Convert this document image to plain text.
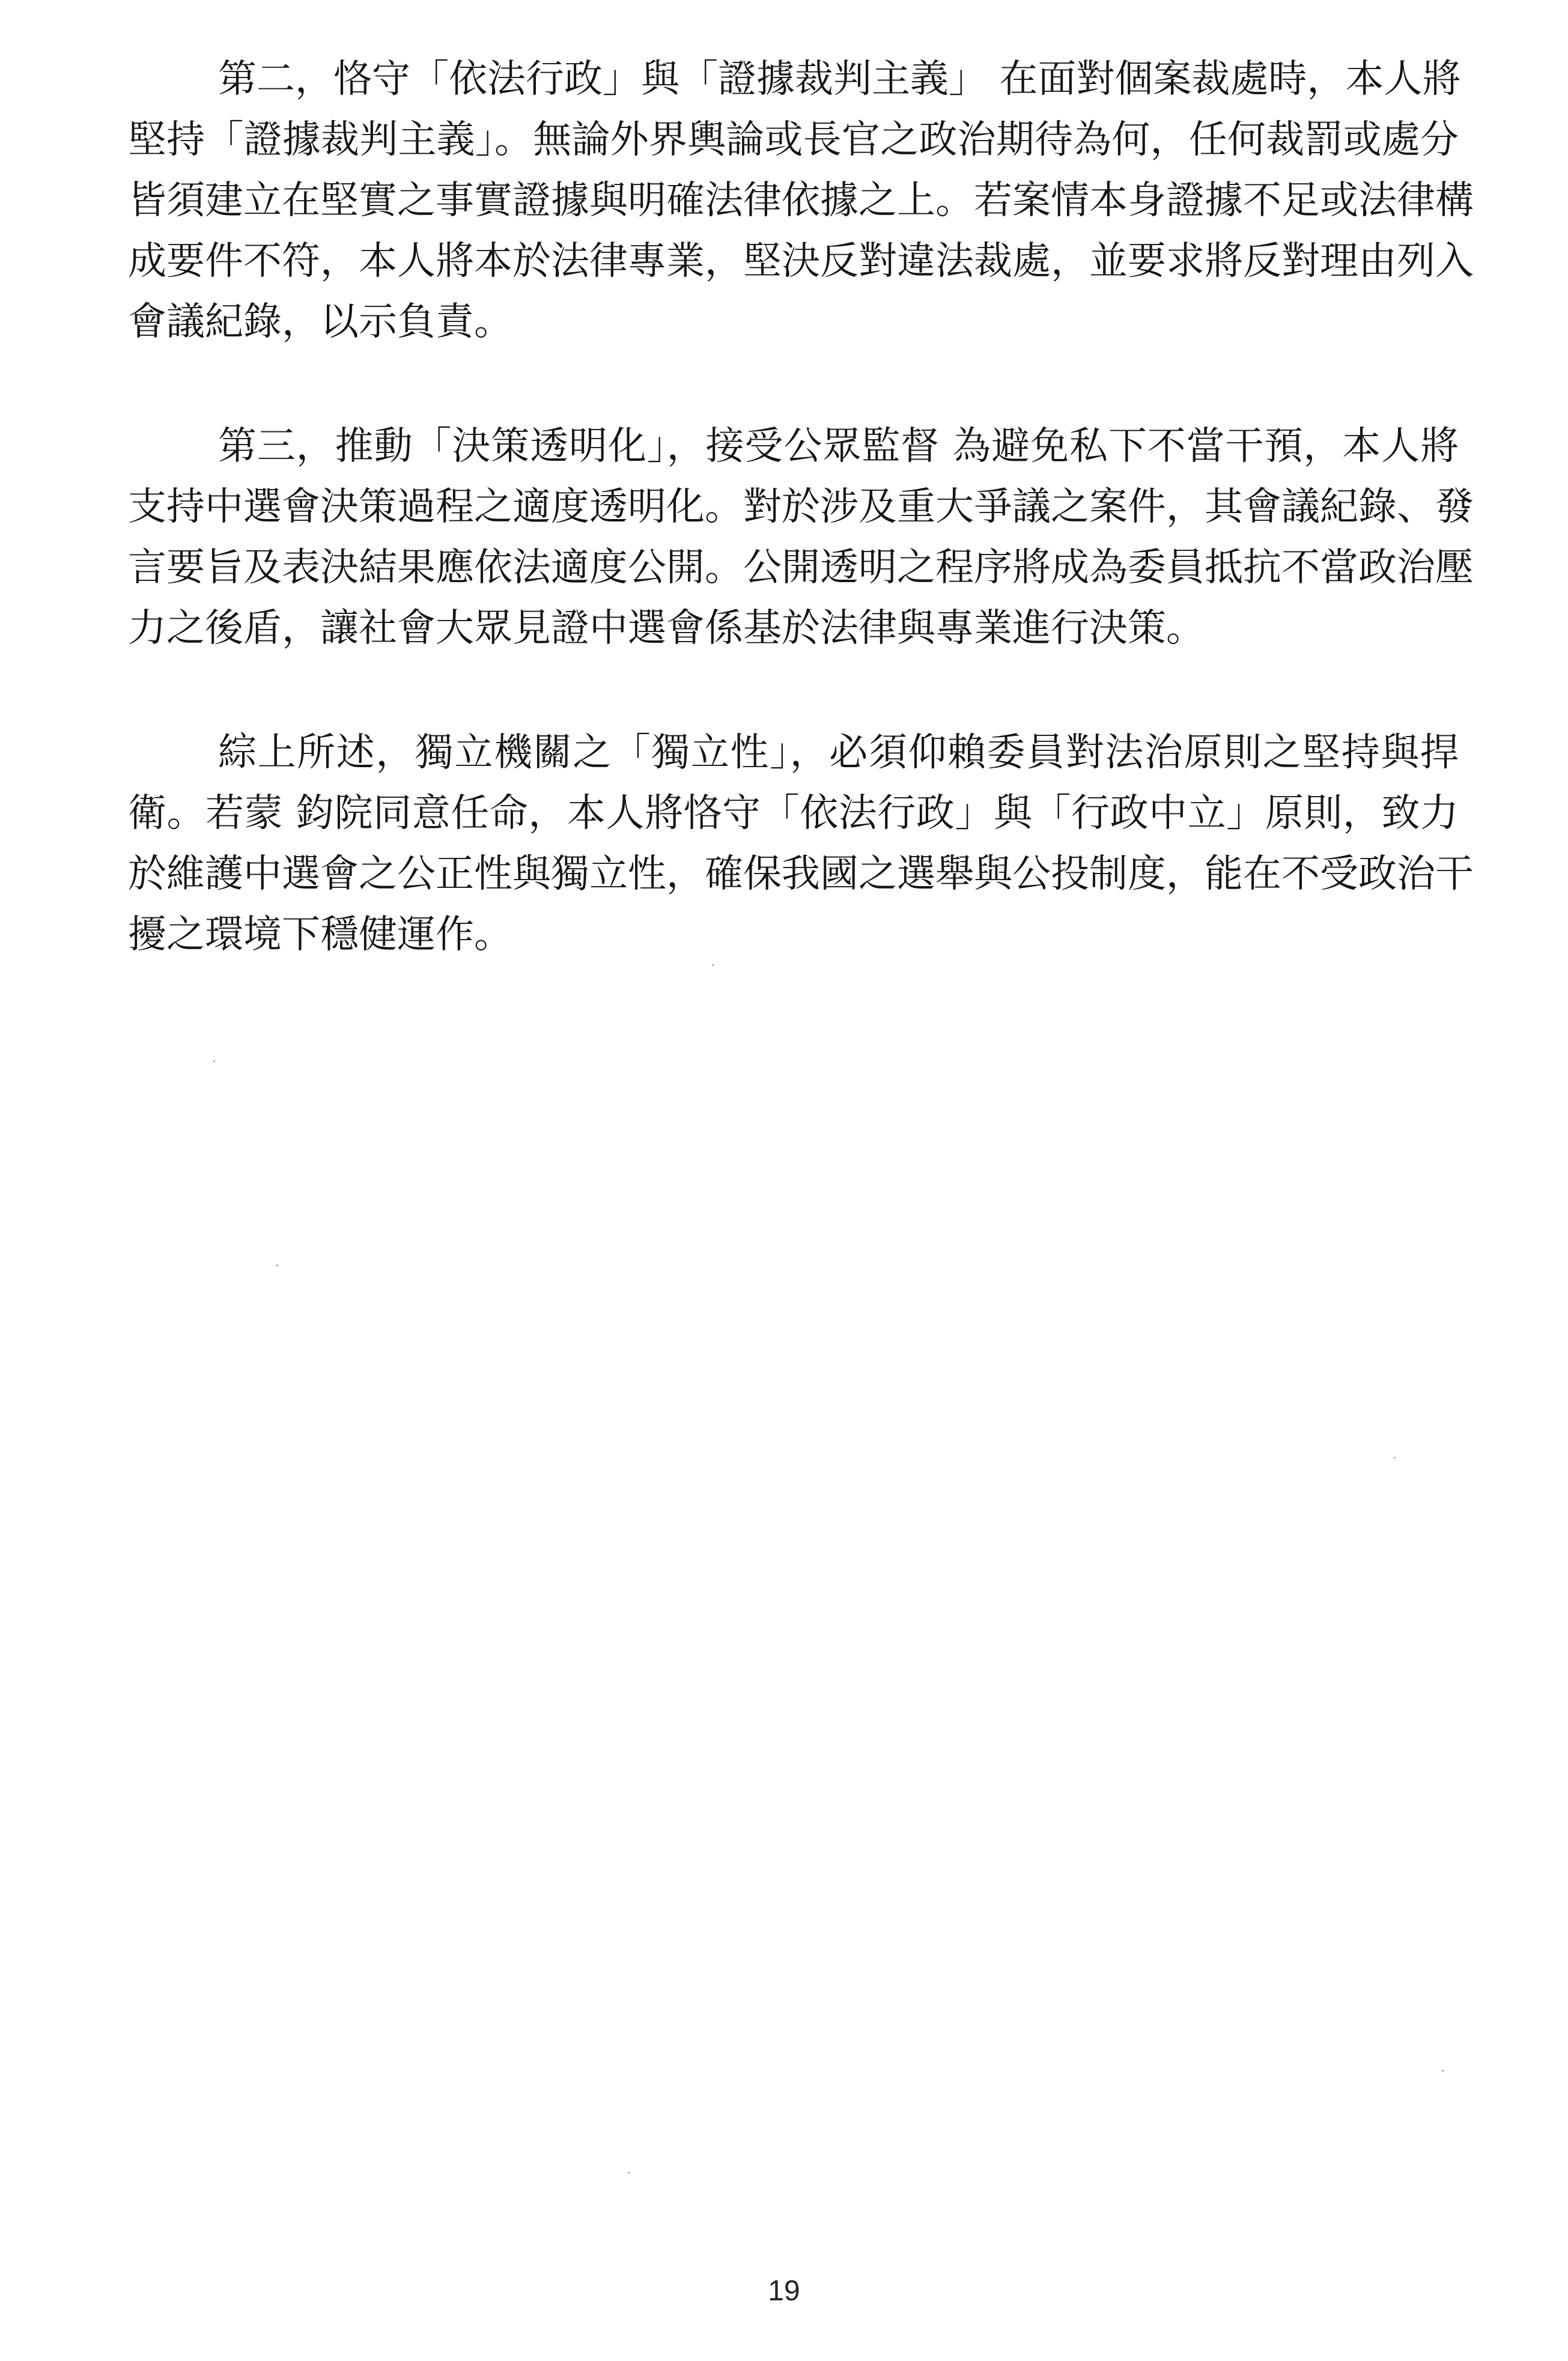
第二，恪守「依法行政」與「證據裁判主義」 在面對個案裁處時，本人將
堅持「證據裁判主義」。無論外界輿論或長官之政治期待為何，任何裁罰或處分
皆須建立在堅實之事實證據與明確法律依據之上。若案情本身證據不足或法律構
成要件不符，本人將本於法律專業，堅決反對違法裁處，並要求將反對理由列入
會議紀錄，以示負責。
第三，推動「決策透明化」，接受公眾監督 為避免私下不當干預，本人將
支持中選會決策過程之適度透明化。對於涉及重大爭議之案件，其會議紀錄、發
言要旨及表決結果應依法適度公開。公開透明之程序將成為委員抵抗不當政治壓
力之後盾，讓社會大眾見證中選會係基於法律與專業進行決策。
綜上所述，獨立機關之「獨立性」，必須仰賴委員對法治原則之堅持與捍
衛。若蒙 鈞院同意任命，本人將恪守「依法行政」與「行政中立」原則，致力
於維護中選會之公正性與獨立性，確保我國之選舉與公投制度，能在不受政治干
擾之環境下穩健運作。
19
